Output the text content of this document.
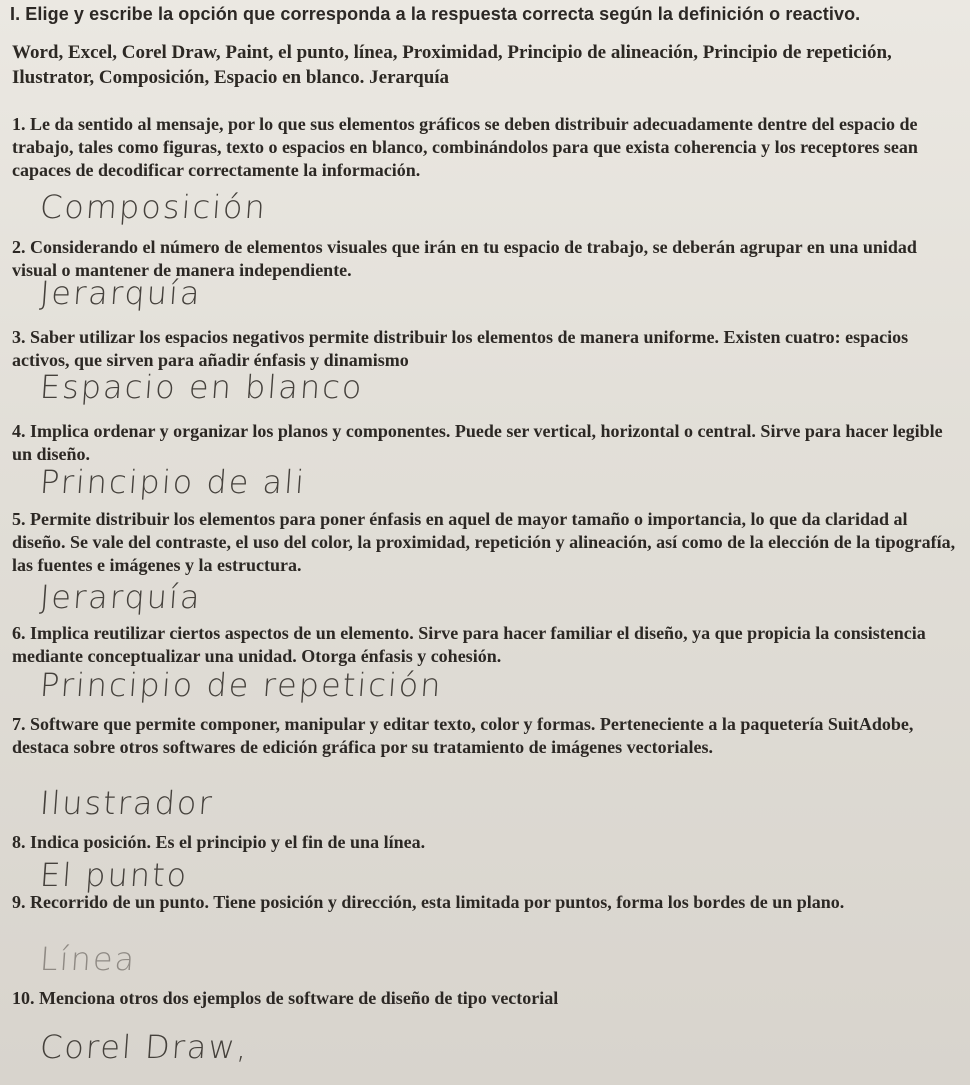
I. Elige y escribe la opción que corresponda a la respuesta correcta según la definición o reactivo.
Word, Excel, Corel Draw, Paint, el punto, línea, Proximidad, Principio de alineación, Principio de repetición, Ilustrator, Composición, Espacio en blanco. Jerarquía
1. Le da sentido al mensaje, por lo que sus elementos gráficos se deben distribuir adecuadamente dentre del espacio de trabajo, tales como figuras, texto o espacios en blanco, combinándolos para que exista coherencia y los receptores sean capaces de decodificar correctamente la información.
Composición
2. Considerando el número de elementos visuales que irán en tu espacio de trabajo, se deberán agrupar en una unidad visual o mantener de manera independiente.
Jerarquía
3. Saber utilizar los espacios negativos permite distribuir los elementos de manera uniforme. Existen cuatro: espacios activos, que sirven para añadir énfasis y dinamismo
Espacio en blanco
4. Implica ordenar y organizar los planos y componentes. Puede ser vertical, horizontal o central. Sirve para hacer legible un diseño.
Principio de ali
5. Permite distribuir los elementos para poner énfasis en aquel de mayor tamaño o importancia, lo que da claridad al diseño. Se vale del contraste, el uso del color, la proximidad, repetición y alineación, así como de la elección de la tipografía, las fuentes e imágenes y la estructura.
Jerarquía
6. Implica reutilizar ciertos aspectos de un elemento. Sirve para hacer familiar el diseño, ya que propicia la consistencia mediante conceptualizar una unidad. Otorga énfasis y cohesión.
Principio de repetición
7. Software que permite componer, manipular y editar texto, color y formas. Perteneciente a la paquetería SuitAdobe, destaca sobre otros softwares de edición gráfica por su tratamiento de imágenes vectoriales.
Ilustrador
8. Indica posición. Es el principio y el fin de una línea.
El punto
9. Recorrido de un punto. Tiene posición y dirección, esta limitada por puntos, forma los bordes de un plano.
Línea
10. Menciona otros dos ejemplos de software de diseño de tipo vectorial
Corel Draw,
